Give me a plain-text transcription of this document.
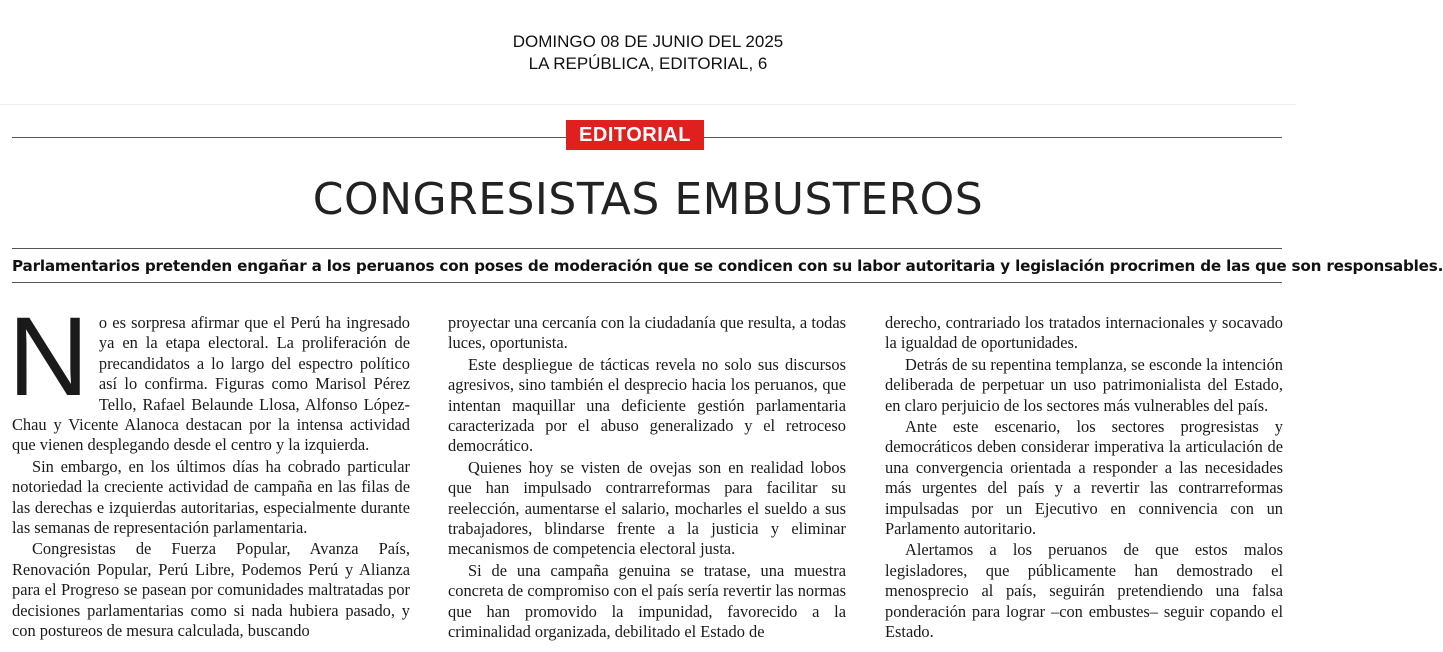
DOMINGO 08 DE JUNIO DEL 2025
LA REPÚBLICA, EDITORIAL, 6
EDITORIAL
CONGRESISTAS EMBUSTEROS
Parlamentarios pretenden engañar a los peruanos con poses de moderación que se condicen con su labor autoritaria y legislación procrimen de las que son responsables.

No es sorpresa afirmar que el Perú ha ingresado ya en la etapa electoral. La proliferación de precandidatos a lo largo del espectro político así lo confirma. Figuras como Marisol Pérez Tello, Rafael Belaunde Llosa, Alfonso López-Chau y Vicente Alanoca destacan por la intensa actividad que vienen desplegando desde el centro y la izquierda.

Sin embargo, en los últimos días ha cobrado particular notoriedad la creciente actividad de campaña en las filas de las derechas e izquierdas autoritarias, especialmente durante las semanas de representación parlamentaria.

Congresistas de Fuerza Popular, Avanza País, Renovación Popular, Perú Libre, Podemos Perú y Alianza para el Progreso se pasean por comunidades maltratadas por decisiones parlamentarias como si nada hubiera pasado, y con postureos de mesura calculada, buscando

proyectar una cercanía con la ciudadanía que resulta, a todas luces, oportunista.

Este despliegue de tácticas revela no solo sus discursos agresivos, sino también el desprecio hacia los peruanos, que intentan maquillar una deficiente gestión parlamentaria caracterizada por el abuso generalizado y el retroceso democrático.

Quienes hoy se visten de ovejas son en realidad lobos que han impulsado contrarreformas para facilitar su reelección, aumentarse el salario, mocharles el sueldo a sus trabajadores, blindarse frente a la justicia y eliminar mecanismos de competencia electoral justa.

Si de una campaña genuina se tratase, una muestra concreta de compromiso con el país sería revertir las normas que han promovido la impunidad, favorecido a la criminalidad organizada, debilitado el Estado de

derecho, contrariado los tratados internacionales y socavado la igualdad de oportunidades.

Detrás de su repentina templanza, se esconde la intención deliberada de perpetuar un uso patrimonialista del Estado, en claro perjuicio de los sectores más vulnerables del país.

Ante este escenario, los sectores progresistas y democráticos deben considerar imperativa la articulación de una convergencia orientada a responder a las necesidades más urgentes del país y a revertir las contrarreformas impulsadas por un Ejecutivo en connivencia con un Parlamento autoritario.

Alertamos a los peruanos de que estos malos legisladores, que públicamente han demostrado el menosprecio al país, seguirán pretendiendo una falsa ponderación para lograr –con embustes– seguir copando el Estado.
